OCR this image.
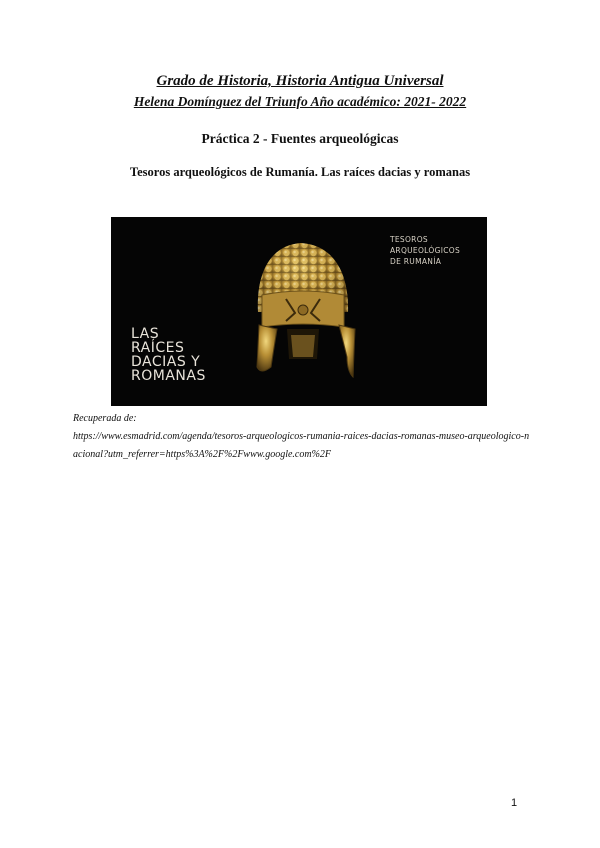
Grado de Historia, Historia Antigua Universal
Helena Domínguez del Triunfo Año académico: 2021- 2022
Práctica 2 - Fuentes arqueológicas
Tesoros arqueológicos de Rumanía. Las raíces dacias y romanas
TESOROS
ARQUEOLÓGICOS
DE RUMANÍA
LAS
RAÍCES
DACIAS Y
ROMANAS
Recuperada de:
https://www.esmadrid.com/agenda/tesoros-arqueologicos-rumania-raices-dacias-romanas-museo-arqueologico-nacional?utm_referrer=https%3A%2F%2Fwww.google.com%2F
1
